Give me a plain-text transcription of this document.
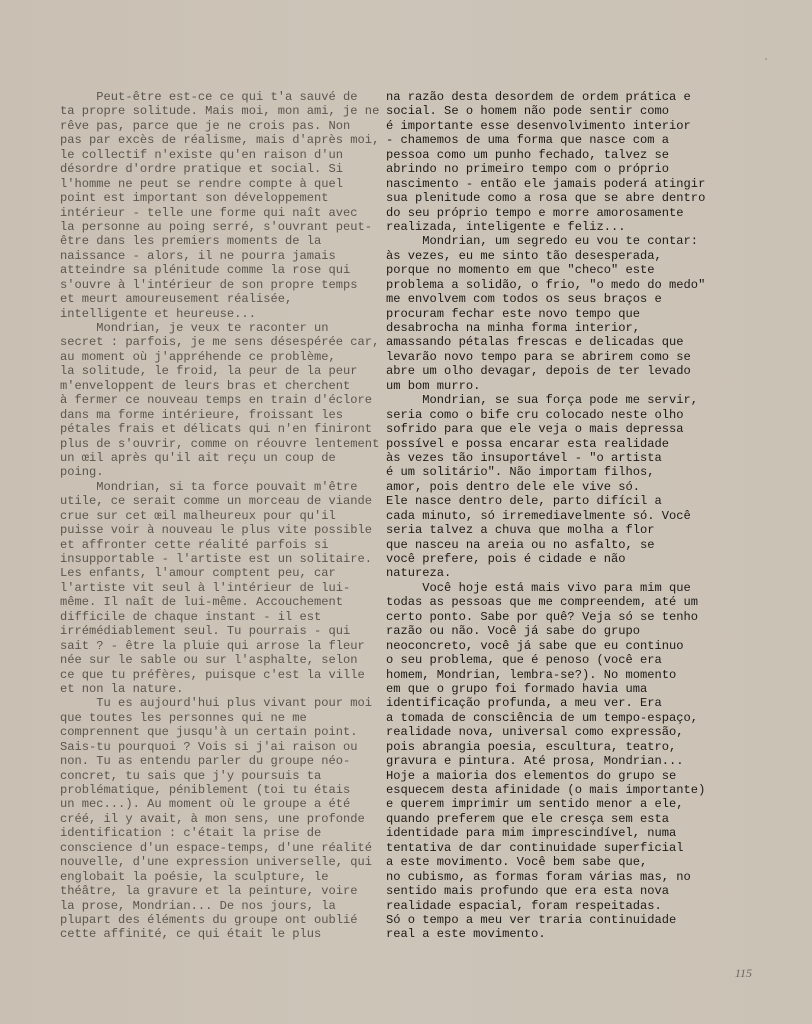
Peut-être est-ce ce qui t'a sauvé de
ta propre solitude. Mais moi, mon ami, je ne
rêve pas, parce que je ne crois pas. Non
pas par excès de réalisme, mais d'après moi,
le collectif n'existe qu'en raison d'un
désordre d'ordre pratique et social. Si
l'homme ne peut se rendre compte à quel
point est important son développement
intérieur - telle une forme qui naît avec
la personne au poing serré, s'ouvrant peut-
être dans les premiers moments de la
naissance - alors, il ne pourra jamais
atteindre sa plénitude comme la rose qui
s'ouvre à l'intérieur de son propre temps
et meurt amoureusement réalisée,
intelligente et heureuse...
Mondrian, je veux te raconter un
secret : parfois, je me sens désespérée car,
au moment où j'appréhende ce problème,
la solitude, le froid, la peur de la peur
m'enveloppent de leurs bras et cherchent
à fermer ce nouveau temps en train d'éclore
dans ma forme intérieure, froissant les
pétales frais et délicats qui n'en finiront
plus de s'ouvrir, comme on réouvre lentement
un œil après qu'il ait reçu un coup de
poing.
Mondrian, si ta force pouvait m'être
utile, ce serait comme un morceau de viande
crue sur cet œil malheureux pour qu'il
puisse voir à nouveau le plus vite possible
et affronter cette réalité parfois si
insupportable - l'artiste est un solitaire.
Les enfants, l'amour comptent peu, car
l'artiste vit seul à l'intérieur de lui-
même. Il naît de lui-même. Accouchement
difficile de chaque instant - il est
irrémédiablement seul. Tu pourrais - qui
sait ? - être la pluie qui arrose la fleur
née sur le sable ou sur l'asphalte, selon
ce que tu préfères, puisque c'est la ville
et non la nature.
Tu es aujourd'hui plus vivant pour moi
que toutes les personnes qui ne me
comprennent que jusqu'à un certain point.
Sais-tu pourquoi ? Vois si j'ai raison ou
non. Tu as entendu parler du groupe néo-
concret, tu sais que j'y poursuis ta
problématique, péniblement (toi tu étais
un mec...). Au moment où le groupe a été
créé, il y avait, à mon sens, une profonde
identification : c'était la prise de
conscience d'un espace-temps, d'une réalité
nouvelle, d'une expression universelle, qui
englobait la poésie, la sculpture, le
théâtre, la gravure et la peinture, voire
la prose, Mondrian... De nos jours, la
plupart des éléments du groupe ont oublié
cette affinité, ce qui était le plus
na razão desta desordem de ordem prática e
social. Se o homem não pode sentir como
é importante esse desenvolvimento interior
- chamemos de uma forma que nasce com a
pessoa como um punho fechado, talvez se
abrindo no primeiro tempo com o próprio
nascimento - então ele jamais poderá atingir
sua plenitude como a rosa que se abre dentro
do seu próprio tempo e morre amorosamente
realizada, inteligente e feliz...
Mondrian, um segredo eu vou te contar:
às vezes, eu me sinto tão desesperada,
porque no momento em que "checo" este
problema a solidão, o frio, "o medo do medo"
me envolvem com todos os seus braços e
procuram fechar este novo tempo que
desabrocha na minha forma interior,
amassando pétalas frescas e delicadas que
levarão novo tempo para se abrirem como se
abre um olho devagar, depois de ter levado
um bom murro.
Mondrian, se sua força pode me servir,
seria como o bife cru colocado neste olho
sofrido para que ele veja o mais depressa
possível e possa encarar esta realidade
às vezes tão insuportável - "o artista
é um solitário". Não importam filhos,
amor, pois dentro dele ele vive só.
Ele nasce dentro dele, parto difícil a
cada minuto, só irremediavelmente só. Você
seria talvez a chuva que molha a flor
que nasceu na areia ou no asfalto, se
você prefere, pois é cidade e não
natureza.
Você hoje está mais vivo para mim que
todas as pessoas que me compreendem, até um
certo ponto. Sabe por quê? Veja só se tenho
razão ou não. Você já sabe do grupo
neoconcreto, você já sabe que eu continuo
o seu problema, que é penoso (você era
homem, Mondrian, lembra-se?). No momento
em que o grupo foi formado havia uma
identificação profunda, a meu ver. Era
a tomada de consciência de um tempo-espaço,
realidade nova, universal como expressão,
pois abrangia poesia, escultura, teatro,
gravura e pintura. Até prosa, Mondrian...
Hoje a maioria dos elementos do grupo se
esquecem desta afinidade (o mais importante)
e querem imprimir um sentido menor a ele,
quando preferem que ele cresça sem esta
identidade para mim imprescindível, numa
tentativa de dar continuidade superficial
a este movimento. Você bem sabe que,
no cubismo, as formas foram várias mas, no
sentido mais profundo que era esta nova
realidade espacial, foram respeitadas.
Só o tempo a meu ver traria continuidade
real a este movimento.
115
